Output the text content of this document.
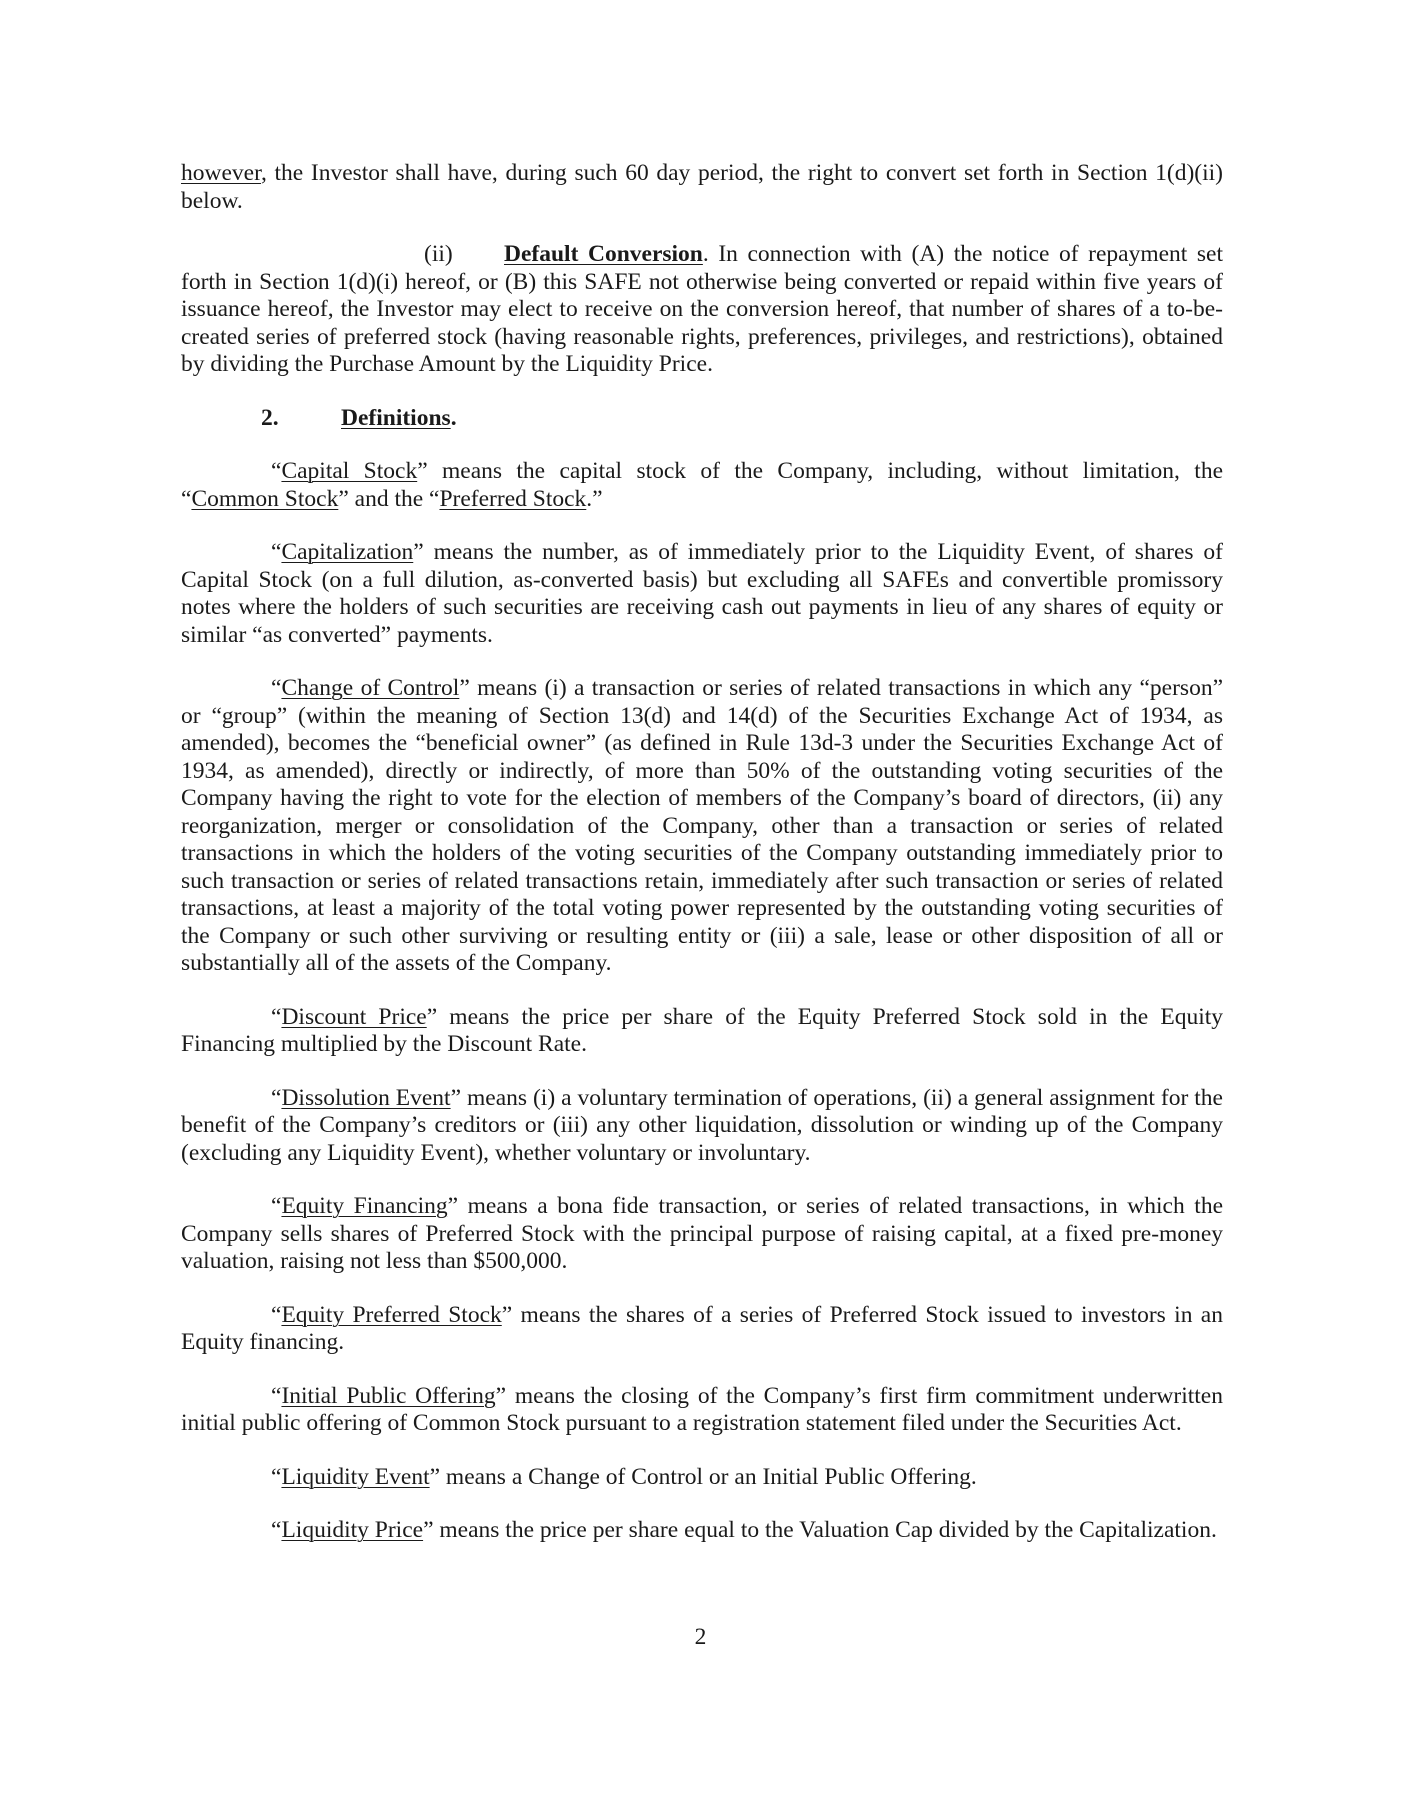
however, the Investor shall have, during such 60 day period, the right to convert set forth in Section 1(d)(ii) below.

(ii) Default Conversion. In connection with (A) the notice of repayment set forth in Section 1(d)(i) hereof, or (B) this SAFE not otherwise being converted or repaid within five years of issuance hereof, the Investor may elect to receive on the conversion hereof, that number of shares of a to-be-created series of preferred stock (having reasonable rights, preferences, privileges, and restrictions), obtained by dividing the Purchase Amount by the Liquidity Price.

2.	Definitions.

“Capital Stock” means the capital stock of the Company, including, without limitation, the “Common Stock” and the “Preferred Stock.”

“Capitalization” means the number, as of immediately prior to the Liquidity Event, of shares of Capital Stock (on a full dilution, as-converted basis) but excluding all SAFEs and convertible promissory notes where the holders of such securities are receiving cash out payments in lieu of any shares of equity or similar “as converted” payments.

“Change of Control” means (i) a transaction or series of related transactions in which any “person” or “group” (within the meaning of Section 13(d) and 14(d) of the Securities Exchange Act of 1934, as amended), becomes the “beneficial owner” (as defined in Rule 13d-3 under the Securities Exchange Act of 1934, as amended), directly or indirectly, of more than 50% of the outstanding voting securities of the Company having the right to vote for the election of members of the Company’s board of directors, (ii) any reorganization, merger or consolidation of the Company, other than a transaction or series of related transactions in which the holders of the voting securities of the Company outstanding immediately prior to such transaction or series of related transactions retain, immediately after such transaction or series of related transactions, at least a majority of the total voting power represented by the outstanding voting securities of the Company or such other surviving or resulting entity or (iii) a sale, lease or other disposition of all or substantially all of the assets of the Company.

“Discount Price” means the price per share of the Equity Preferred Stock sold in the Equity Financing multiplied by the Discount Rate.

“Dissolution Event” means (i) a voluntary termination of operations, (ii) a general assignment for the benefit of the Company’s creditors or (iii) any other liquidation, dissolution or winding up of the Company (excluding any Liquidity Event), whether voluntary or involuntary.

“Equity Financing” means a bona fide transaction, or series of related transactions, in which the Company sells shares of Preferred Stock with the principal purpose of raising capital, at a fixed pre-money valuation, raising not less than $500,000.

“Equity Preferred Stock” means the shares of a series of Preferred Stock issued to investors in an Equity financing.

“Initial Public Offering” means the closing of the Company’s first firm commitment underwritten initial public offering of Common Stock pursuant to a registration statement filed under the Securities Act.

“Liquidity Event” means a Change of Control or an Initial Public Offering.

“Liquidity Price” means the price per share equal to the Valuation Cap divided by the Capitalization.

2
